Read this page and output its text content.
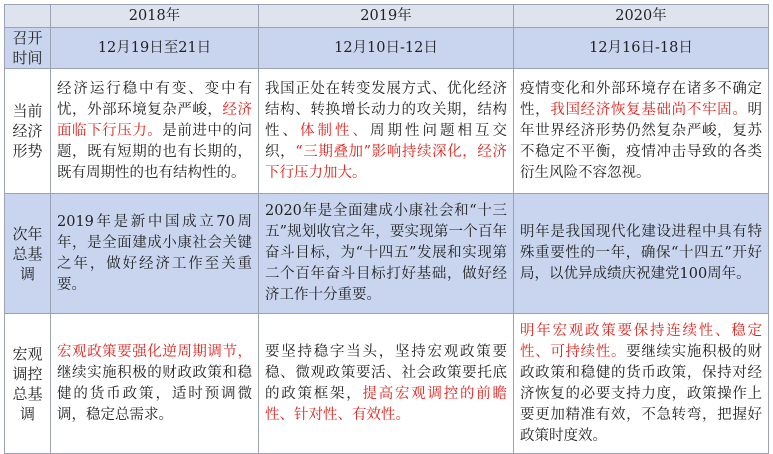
	2018年	2019年	2020年
召开时间	12月19日至21日	12月10日-12日	12月16日-18日
当前经济形势	经济运行稳中有变、变中有忧，外部环境复杂严峻，经济面临下行压力。是前进中的问题，既有短期的也有长期的，既有周期性的也有结构性的。	我国正处在转变发展方式、优化经济结构、转换增长动力的攻关期，结构性、体制性、周期性问题相互交织，“三期叠加”影响持续深化，经济下行压力加大。	疫情变化和外部环境存在诸多不确定性，我国经济恢复基础尚不牢固。明年世界经济形势仍然复杂严峻，复苏不稳定不平衡，疫情冲击导致的各类衍生风险不容忽视。
次年总基调	2019年是新中国成立70周年，是全面建成小康社会关键之年，做好经济工作至关重要。	2020年是全面建成小康社会和“十三五”规划收官之年，要实现第一个百年奋斗目标，为“十四五”发展和实现第二个百年奋斗目标打好基础，做好经济工作十分重要。	明年是我国现代化建设进程中具有特殊重要性的一年，确保“十四五”开好局，以优异成绩庆祝建党100周年。
宏观调控总基调	宏观政策要强化逆周期调节，继续实施积极的财政政策和稳健的货币政策，适时预调微调，稳定总需求。	要坚持稳字当头，坚持宏观政策要稳、微观政策要活、社会政策要托底的政策框架，提高宏观调控的前瞻性、针对性、有效性。	明年宏观政策要保持连续性、稳定性、可持续性。要继续实施积极的财政政策和稳健的货币政策，保持对经济恢复的必要支持力度，政策操作上要更加精准有效，不急转弯，把握好政策时度效。
